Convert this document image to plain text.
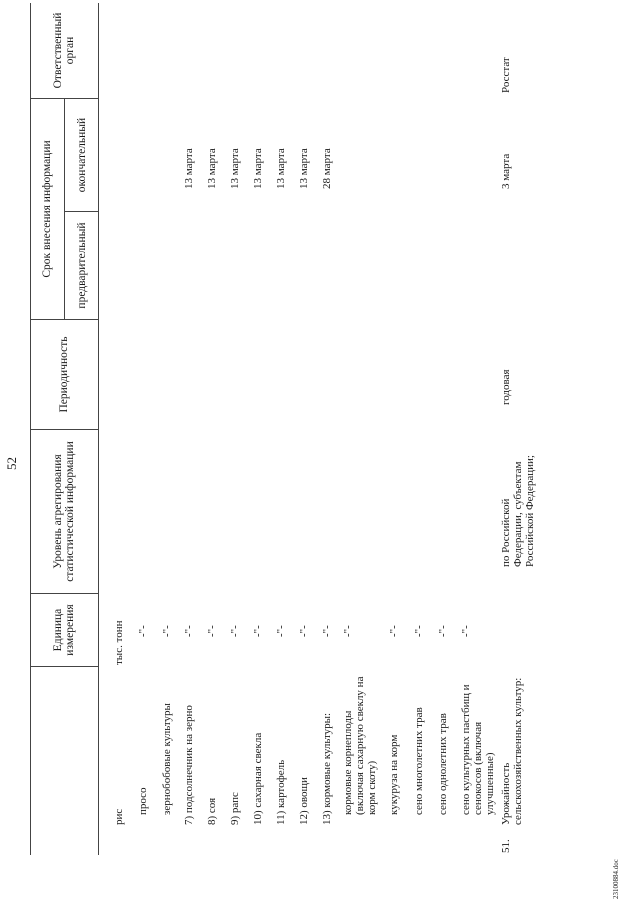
52
Единица измерения
Уровень агрегирования статистической информации
Периодичность
Срок внесения информации	предварительный
окончательный
Ответственный орган
рис
тыс. тонн
просо
-"-
зернобобовые культуры
-"-
7) подсолнечник на зерно
-"-
13 марта
8) соя
-"-
13 марта
9) рапс
-"-
13 марта
10) сахарная свекла
-"-
13 марта
11) картофель
-"-
13 марта
12) овощи
-"-
13 марта
13) кормовые культуры:
-"-
28 марта
кормовые корнеплоды (включая сахарную свеклу на корм скоту)
-"-
кукуруза на корм
-"-
сено многолетних трав
-"-
сено однолетних трав
-"-
сено культурных пастбищ и сенокосов (включая улучшенные)
-"-
51.
Урожайность сельскохозяйственных культур:
по Российской Федерации, субъектам Российской Федерации;
годовая
3 марта
Росстат
23100884.doc
